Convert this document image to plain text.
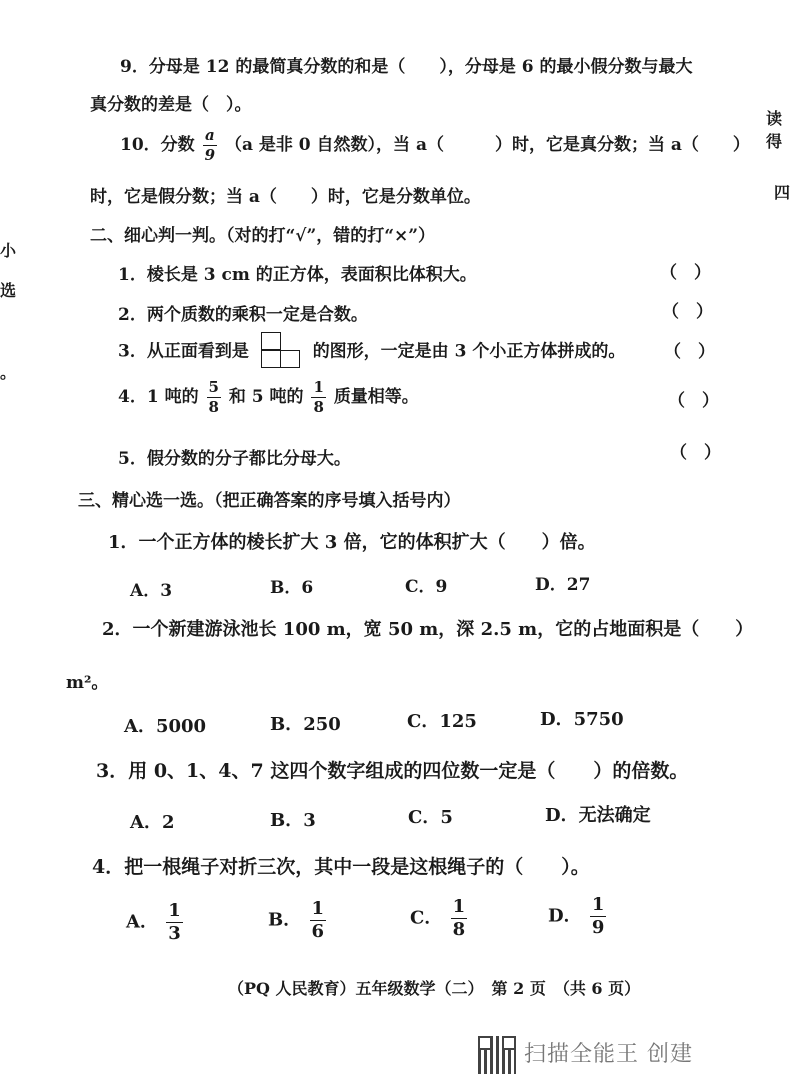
9．分母是 12 的最简真分数的和是（　　），分母是 6 的最小假分数与最大
真分数的差是（　）。
10．分数 $\frac{a}{9} (a$ 是非 0 自然数），当 a（　　　）时，它是真分数；当 a（　　）
时，它是假分数；当 a（　　）时，它是分数单位。
二、细心判一判。（对的打“√”，错的打“×”）
1．棱长是 3 cm 的正方体，表面积比体积大。	（　）
2．两个质数的乘积一定是合数。	（　）
3．从正面看到是	的图形，一定是由 3 个小正方体拼成的。 （　）
4．1 吨的 $\frac{5}{8}$ 和 5 吨的 $\frac{1}{8}$ 质量相等。	（　）
5．假分数的分子都比分母大。	（　）
三、精心选一选。（把正确答案的序号填入括号内）
1．一个正方体的棱长扩大 3 倍，它的体积扩大（　　）倍。
A．3	B．6	C．9	D．27
2．一个新建游泳池长 100 m，宽 50 m，深 2.5 m，它的占地面积是（　　）
m²。
A．5000	B．250	C．125	D．5750
3．用 0、1、4、7 这四个数字组成的四位数一定是（　　）的倍数。
A．2	B．3	C．5	D．无法确定
4．把一根绳子对折三次，其中一段是这根绳子的（　　）。
A． $\frac{1}{3}$	B． $\frac{1}{6}$	C． $\frac{1}{8}$	D． $\frac{1}{9}$
（PQ 人民教育）五年级数学（二）　第 2 页　（共 6 页）
扫描全能王 创建
读得
四
小
选
。
